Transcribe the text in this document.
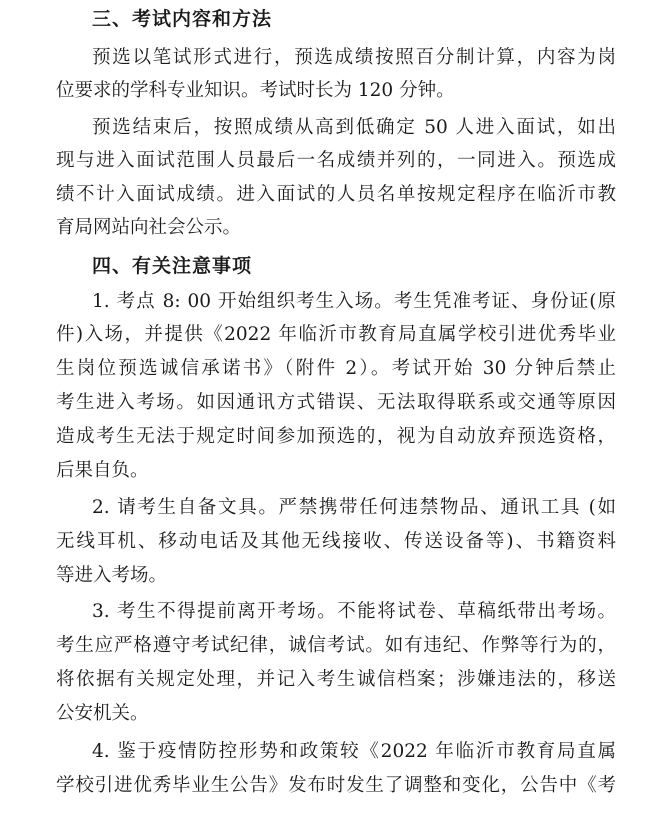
三、考试内容和方法
预选以笔试形式进行，预选成绩按照百分制计算，内容为岗
位要求的学科专业知识。考试时长为 120 分钟。
预选结束后，按照成绩从高到低确定 50 人进入面试，如出
现与进入面试范围人员最后一名成绩并列的，一同进入。预选成
绩不计入面试成绩。进入面试的人员名单按规定程序在临沂市教
育局网站向社会公示。
四、有关注意事项
1. 考点 8: 00 开始组织考生入场。考生凭准考证、身份证(原
件)入场，并提供《2022 年临沂市教育局直属学校引进优秀毕业
生岗位预选诚信承诺书》（附件 2）。考试开始 30 分钟后禁止
考生进入考场。如因通讯方式错误、无法取得联系或交通等原因
造成考生无法于规定时间参加预选的，视为自动放弃预选资格，
后果自负。
2. 请考生自备文具。严禁携带任何违禁物品、通讯工具 (如
无线耳机、移动电话及其他无线接收、传送设备等)、书籍资料
等进入考场。
3. 考生不得提前离开考场。不能将试卷、草稿纸带出考场。
考生应严格遵守考试纪律，诚信考试。如有违纪、作弊等行为的，
将依据有关规定处理，并记入考生诚信档案；涉嫌违法的，移送
公安机关。
4. 鉴于疫情防控形势和政策较《2022 年临沂市教育局直属
学校引进优秀毕业生公告》发布时发生了调整和变化，公告中《考
